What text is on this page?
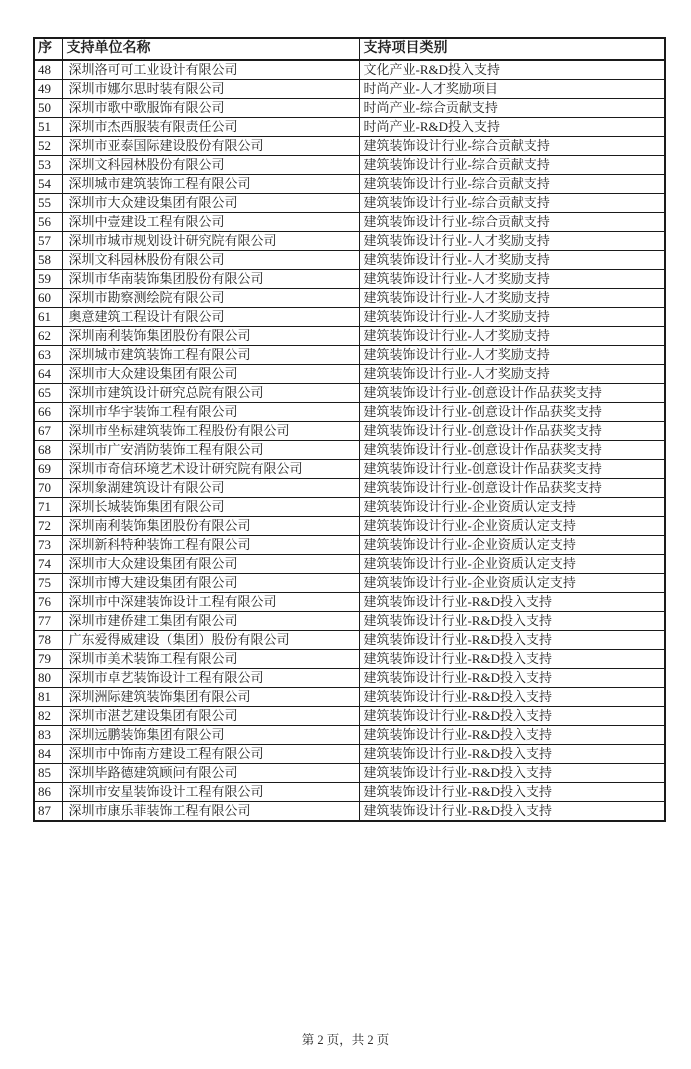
序	支持单位名称	支持项目类别
48	深圳洛可可工业设计有限公司	文化产业-R&D投入支持
49	深圳市娜尔思时装有限公司	时尚产业-人才奖励项目
50	深圳市歌中歌服饰有限公司	时尚产业-综合贡献支持
51	深圳市杰西服装有限责任公司	时尚产业-R&D投入支持
52	深圳市亚泰国际建设股份有限公司	建筑装饰设计行业-综合贡献支持
53	深圳文科园林股份有限公司	建筑装饰设计行业-综合贡献支持
54	深圳城市建筑装饰工程有限公司	建筑装饰设计行业-综合贡献支持
55	深圳市大众建设集团有限公司	建筑装饰设计行业-综合贡献支持
56	深圳中壹建设工程有限公司	建筑装饰设计行业-综合贡献支持
57	深圳市城市规划设计研究院有限公司	建筑装饰设计行业-人才奖励支持
58	深圳文科园林股份有限公司	建筑装饰设计行业-人才奖励支持
59	深圳市华南装饰集团股份有限公司	建筑装饰设计行业-人才奖励支持
60	深圳市勘察测绘院有限公司	建筑装饰设计行业-人才奖励支持
61	奥意建筑工程设计有限公司	建筑装饰设计行业-人才奖励支持
62	深圳南利装饰集团股份有限公司	建筑装饰设计行业-人才奖励支持
63	深圳城市建筑装饰工程有限公司	建筑装饰设计行业-人才奖励支持
64	深圳市大众建设集团有限公司	建筑装饰设计行业-人才奖励支持
65	深圳市建筑设计研究总院有限公司	建筑装饰设计行业-创意设计作品获奖支持
66	深圳市华宇装饰工程有限公司	建筑装饰设计行业-创意设计作品获奖支持
67	深圳市坐标建筑装饰工程股份有限公司	建筑装饰设计行业-创意设计作品获奖支持
68	深圳市广安消防装饰工程有限公司	建筑装饰设计行业-创意设计作品获奖支持
69	深圳市奇信环境艺术设计研究院有限公司	建筑装饰设计行业-创意设计作品获奖支持
70	深圳象湖建筑设计有限公司	建筑装饰设计行业-创意设计作品获奖支持
71	深圳长城装饰集团有限公司	建筑装饰设计行业-企业资质认定支持
72	深圳南利装饰集团股份有限公司	建筑装饰设计行业-企业资质认定支持
73	深圳新科特种装饰工程有限公司	建筑装饰设计行业-企业资质认定支持
74	深圳市大众建设集团有限公司	建筑装饰设计行业-企业资质认定支持
75	深圳市博大建设集团有限公司	建筑装饰设计行业-企业资质认定支持
76	深圳市中深建装饰设计工程有限公司	建筑装饰设计行业-R&D投入支持
77	深圳市建侨建工集团有限公司	建筑装饰设计行业-R&D投入支持
78	广东爱得威建设（集团）股份有限公司	建筑装饰设计行业-R&D投入支持
79	深圳市美术装饰工程有限公司	建筑装饰设计行业-R&D投入支持
80	深圳市卓艺装饰设计工程有限公司	建筑装饰设计行业-R&D投入支持
81	深圳洲际建筑装饰集团有限公司	建筑装饰设计行业-R&D投入支持
82	深圳市湛艺建设集团有限公司	建筑装饰设计行业-R&D投入支持
83	深圳远鹏装饰集团有限公司	建筑装饰设计行业-R&D投入支持
84	深圳市中饰南方建设工程有限公司	建筑装饰设计行业-R&D投入支持
85	深圳毕路德建筑顾问有限公司	建筑装饰设计行业-R&D投入支持
86	深圳市安星装饰设计工程有限公司	建筑装饰设计行业-R&D投入支持
87	深圳市康乐菲装饰工程有限公司	建筑装饰设计行业-R&D投入支持
第 2 页，共 2 页
